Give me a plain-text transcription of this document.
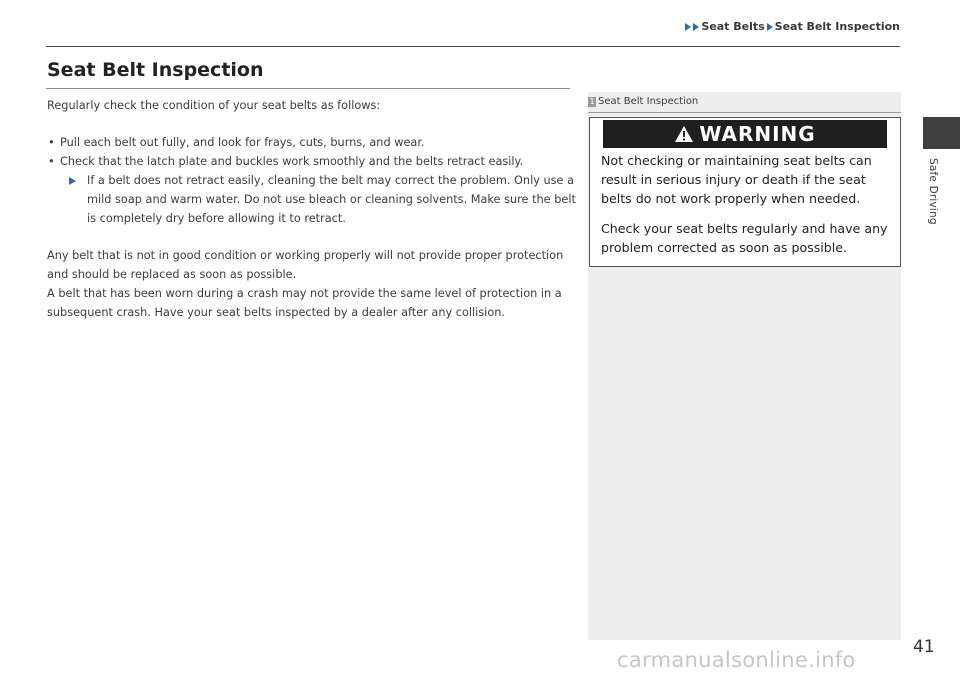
Seat Belts Seat Belt Inspection
Seat Belt Inspection

Regularly check the condition of your seat belts as follows:

• Pull each belt out fully, and look for frays, cuts, burns, and wear.

• Check that the latch plate and buckles work smoothly and the belts retract easily.

If a belt does not retract easily, cleaning the belt may correct the problem. Only use a mild soap and warm water. Do not use bleach or cleaning solvents. Make sure the belt is completely dry before allowing it to retract.

Any belt that is not in good condition or working properly will not provide proper protection and should be replaced as soon as possible.

A belt that has been worn during a crash may not provide the same level of protection in a subsequent crash. Have your seat belts inspected by a dealer after any collision.

1 Seat Belt Inspection
WARNING

Not checking or maintaining seat belts can result in serious injury or death if the seat belts do not work properly when needed.

Check your seat belts regularly and have any problem corrected as soon as possible.

Safe Driving
41
carmanualsonline.info
